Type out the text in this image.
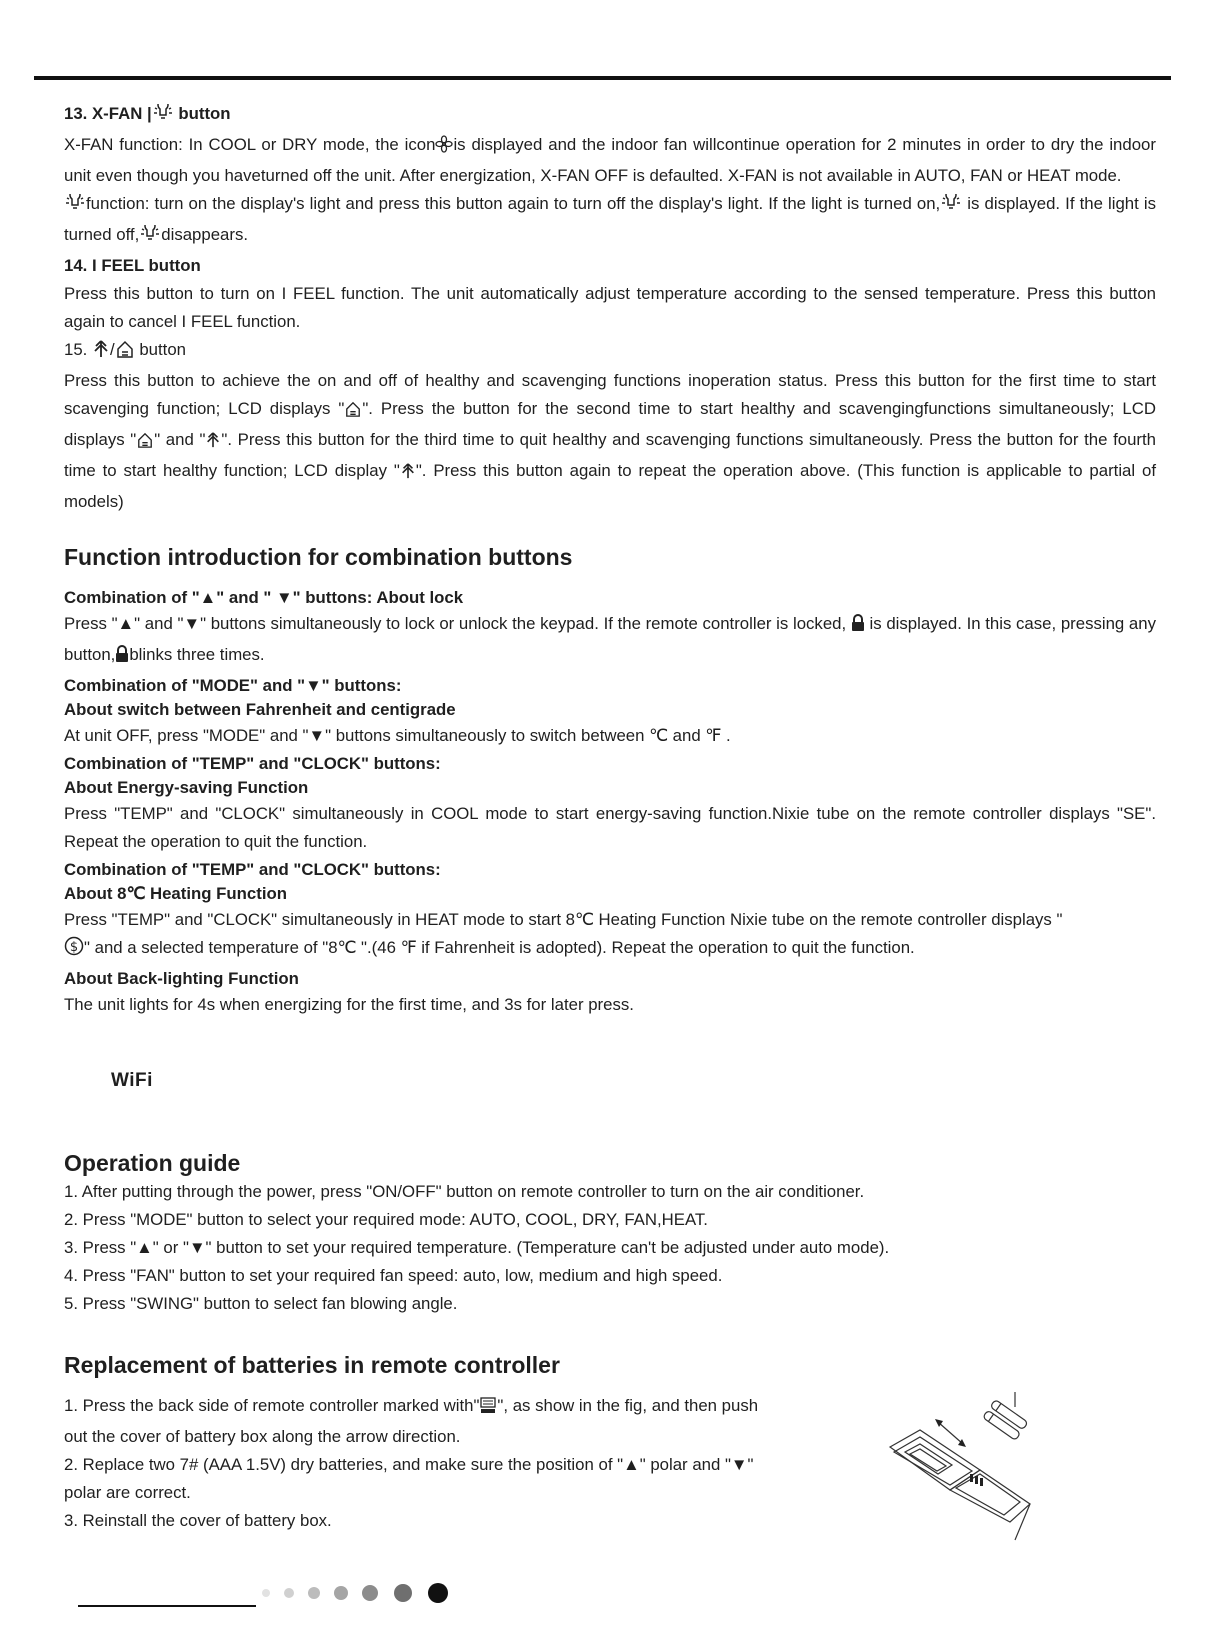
13. X-FAN | button

X-FAN function: In COOL or DRY mode, the icon is displayed and the indoor fan willcontinue operation for 2 minutes in order to dry the indoor unit even though you haveturned off the unit. After energization, X-FAN OFF is defaulted. X-FAN is not available in AUTO, FAN or HEAT mode.

function: turn on the display's light and press this button again to turn off the display's light. If the light is turned on, is displayed. If the light is turned off, disappears.

14. I FEEL button

Press this button to turn on I FEEL function. The unit automatically adjust temperature according to the sensed temperature. Press this button again to cancel I FEEL function.

15. / button

Press this button to achieve the on and off of healthy and scavenging functions inoperation status. Press this button for the first time to start scavenging function; LCD displays " ". Press the button for the second time to start healthy and scavengingfunctions simultaneously; LCD displays " " and " ". Press this button for the third time to quit healthy and scavenging functions simultaneously. Press the button for the fourth time to start healthy function; LCD display " ". Press this button again to repeat the operation above. (This function is applicable to partial of models)

Function introduction for combination buttons

Combination of "▲" and " ▼" buttons: About lock

Press "▲" and "▼" buttons simultaneously to lock or unlock the keypad. If the remote controller is locked,  is displayed. In this case, pressing any button, blinks three times.

Combination of "MODE" and "▼" buttons:

About switch between Fahrenheit and centigrade

At unit OFF, press "MODE" and "▼" buttons simultaneously to switch between ℃ and ℉ .

Combination of "TEMP" and "CLOCK" buttons:

About Energy-saving Function

Press "TEMP" and "CLOCK" simultaneously in COOL mode to start energy-saving function.Nixie tube on the remote controller displays "SE". Repeat the operation to quit the function.

Combination of "TEMP" and "CLOCK" buttons:

About 8℃ Heating Function

Press "TEMP" and "CLOCK" simultaneously in HEAT mode to start 8℃ Heating Function Nixie tube on the remote controller displays "

$ " and a selected temperature of "8℃ ".(46 ℉ if Fahrenheit is adopted). Repeat the operation to quit the function.

About Back-lighting Function

The unit lights for 4s when energizing for the first time, and 3s for later press.

WiFi
Operation guide

1. After putting through the power, press "ON/OFF" button on remote controller to turn on the air conditioner.

2. Press "MODE" button to select your required mode: AUTO, COOL, DRY, FAN,HEAT.

3. Press "▲" or "▼" button to set your required temperature. (Temperature can't be adjusted under auto mode).

4. Press "FAN" button to set your required fan speed: auto, low, medium and high speed.

5. Press "SWING" button to select fan blowing angle.

Replacement of batteries in remote controller

1. Press the back side of remote controller marked with" ", as show in the fig, and then push out the cover of battery box along the arrow direction.

2. Replace two 7# (AAA 1.5V) dry batteries, and make sure the position of "▲" polar and "▼" polar are correct.

3. Reinstall the cover of battery box.
